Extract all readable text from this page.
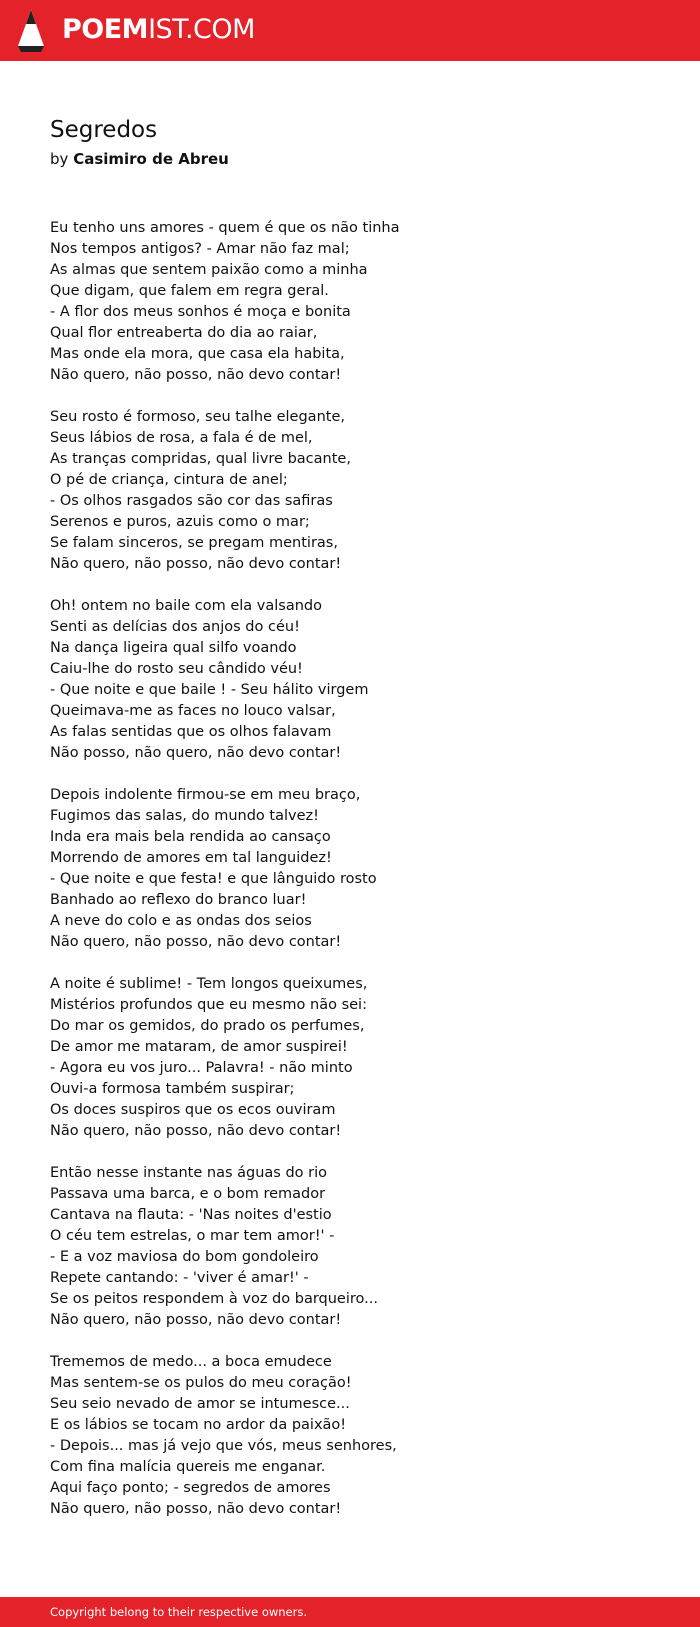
POEMIST.COM
Segredos
by Casimiro de Abreu
Eu tenho uns amores - quem é que os não tinha
Nos tempos antigos? - Amar não faz mal;
As almas que sentem paixão como a minha
Que digam, que falem em regra geral.
- A flor dos meus sonhos é moça e bonita
Qual flor entreaberta do dia ao raiar,
Mas onde ela mora, que casa ela habita,
Não quero, não posso, não devo contar!
Seu rosto é formoso, seu talhe elegante,
Seus lábios de rosa, a fala é de mel,
As tranças compridas, qual livre bacante,
O pé de criança, cintura de anel;
- Os olhos rasgados são cor das safiras
Serenos e puros, azuis como o mar;
Se falam sinceros, se pregam mentiras,
Não quero, não posso, não devo contar!
Oh! ontem no baile com ela valsando
Senti as delícias dos anjos do céu!
Na dança ligeira qual silfo voando
Caiu-lhe do rosto seu cândido véu!
- Que noite e que baile ! - Seu hálito virgem
Queimava-me as faces no louco valsar,
As falas sentidas que os olhos falavam
Não posso, não quero, não devo contar!
Depois indolente firmou-se em meu braço,
Fugimos das salas, do mundo talvez!
Inda era mais bela rendida ao cansaço
Morrendo de amores em tal languidez!
- Que noite e que festa! e que lânguido rosto
Banhado ao reflexo do branco luar!
A neve do colo e as ondas dos seios
Não quero, não posso, não devo contar!
A noite é sublime! - Tem longos queixumes,
Mistérios profundos que eu mesmo não sei:
Do mar os gemidos, do prado os perfumes,
De amor me mataram, de amor suspirei!
- Agora eu vos juro... Palavra! - não minto
Ouvi-a formosa também suspirar;
Os doces suspiros que os ecos ouviram
Não quero, não posso, não devo contar!
Então nesse instante nas águas do rio
Passava uma barca, e o bom remador
Cantava na flauta: - 'Nas noites d'estio
O céu tem estrelas, o mar tem amor!' -
- E a voz maviosa do bom gondoleiro
Repete cantando: - 'viver é amar!' -
Se os peitos respondem à voz do barqueiro...
Não quero, não posso, não devo contar!
Trememos de medo... a boca emudece
Mas sentem-se os pulos do meu coração!
Seu seio nevado de amor se intumesce...
E os lábios se tocam no ardor da paixão!
- Depois... mas já vejo que vós, meus senhores,
Com fina malícia quereis me enganar.
Aqui faço ponto; - segredos de amores
Não quero, não posso, não devo contar!
Copyright belong to their respective owners.
